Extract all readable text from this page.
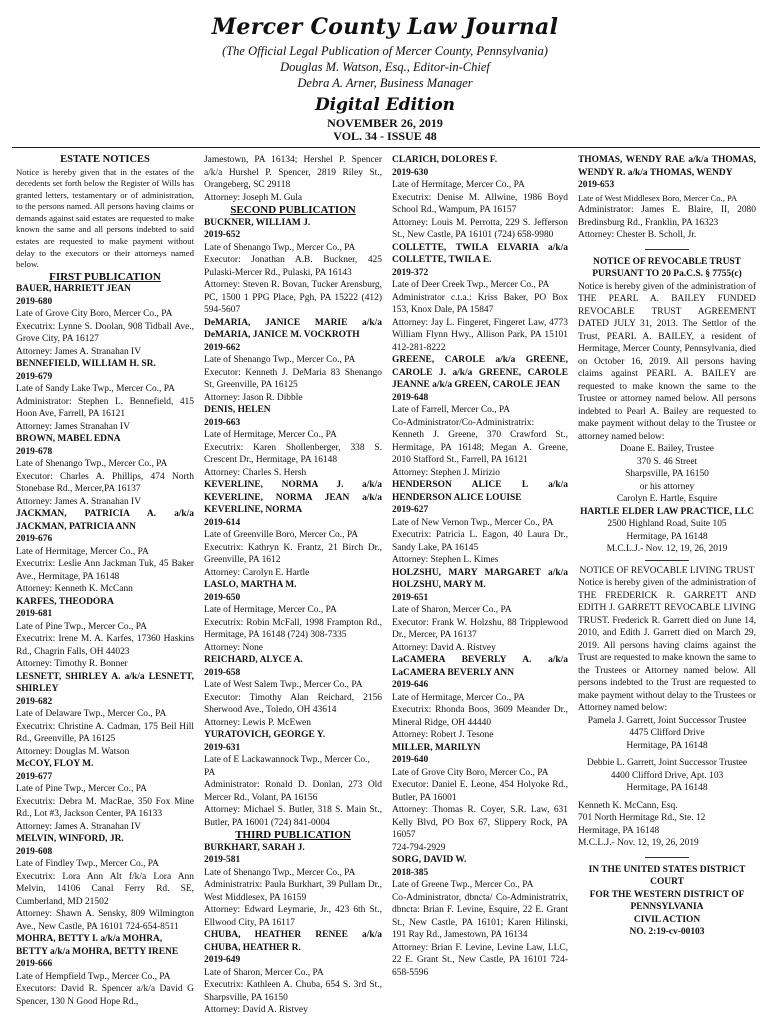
Mercer County Law Journal
(The Official Legal Publication of Mercer County, Pennsylvania)
Douglas M. Watson, Esq., Editor-in-Chief
Debra A. Arner, Business Manager
Digital Edition
NOVEMBER 26, 2019
VOL. 34 - ISSUE 48

ESTATE NOTICES

Notice is hereby given that in the estates of the decedents set forth below the Register of Wills has granted letters, testamentary or of administration, to the persons named. All persons having claims or demands against said estates are requested to make known the same and all persons indebted to said estates are requested to make payment without delay to the executors or their attorneys named below.

FIRST PUBLICATION

BAUER, HARRIETT JEAN

2019-680

Late of Grove City Boro, Mercer Co., PA

Executrix: Lynne S. Doolan, 908 Tidball Ave., Grove City, PA 16127

Attorney: James A. Stranahan IV

BENNEFIELD, WILLIAM H. SR.

2019-679

Late of Sandy Lake Twp., Mercer Co., PA

Administrator: Stephen L. Bennefield, 415 Hoon Ave, Farrell, PA 16121

Attorney: James Stranahan IV

BROWN, MABEL EDNA

2019-678

Late of Shenango Twp., Mercer Co., PA

Executor: Charles A. Phillips, 474 North Stonebase Rd., Mercer,PA 16137

Attorney: James A. Stranahan IV

JACKMAN, PATRICIA A. a/k/a JACKMAN, PATRICIA ANN

2019-676

Late of Hermitage, Mercer Co., PA

Executrix: Leslie Ann Jackman Tuk, 45 Baker Ave., Hermitage, PA 16148

Attorney: Kenneth K. McCann

KARFES, THEODORA

2019-681

Late of Pine Twp., Mercer Co., PA

Executrix: Irene M. A. Karfes, 17360 Haskins Rd., Chagrin Falls, OH 44023

Attorney: Timothy R. Bonner

LESNETT, SHIRLEY A. a/k/a LESNETT, SHIRLEY

2019-682

Late of Delaware Twp., Mercer Co., PA

Executrix: Christine A. Cadman, 175 Beil Hill Rd., Greenville, PA 16125

Attorney: Douglas M. Watson

McCOY, FLOY M.

2019-677

Late of Pine Twp., Mercer Co., PA

Executrix: Debra M. MacRae, 350 Fox Mine Rd., Lot #3, Jackson Center, PA 16133

Attorney: James A. Stranahan IV

MELVIN, WINFORD, JR.

2019-608

Late of Findley Twp., Mercer Co., PA

Executrix: Lora Ann Alt f/k/a Lora Ann Melvin, 14106 Canal Ferry Rd. SE, Cumberland, MD 21502

Attorney: Shawn A. Sensky, 809 Wilmington Ave., New Castle, PA 16101 724-654-8511

MOHRA, BETTY I. a/k/a MOHRA, BETTY a/k/a MOHRA, BETTY IRENE

2019-666

Late of Hempfield Twp., Mercer Co., PA

Executors: David R. Spencer a/k/a David G Spencer, 130 N Good Hope Rd.,

Jamestown, PA 16134; Hershel P. Spencer a/k/a Hurshel P. Spencer, 2819 Riley St., Orangeberg, SC 29118

Attorney: Joseph M. Gula

SECOND PUBLICATION

BUCKNER, WILLIAM J.

2019-652

Late of Shenango Twp., Mercer Co., PA

Executor: Jonathan A.B. Buckner, 425 Pulaski-Mercer Rd., Pulaski, PA 16143

Attorney: Steven R. Bovan, Tucker Arensburg, PC, 1500 1 PPG Place, Pgh, PA 15222 (412) 594-5607

DeMARIA, JANICE MARIE a/k/a DeMARIA, JANICE M. VOCKROTH

2019-662

Late of Shenango Twp., Mercer Co., PA

Executor: Kenneth J. DeMaria 83 Shenango St, Greenville, PA 16125

Attorney: Jason R. Dibble

DENIS, HELEN

2019-663

Late of Hermitage, Mercer Co., PA

Executrix: Karen Shollenberger, 338 S. Crescent Dr., Hermitage, PA 16148

Attorney: Charles S. Hersh

KEVERLINE, NORMA J. a/k/a KEVERLINE, NORMA JEAN a/k/a KEVERLINE, NORMA

2019-614

Late of Greenville Boro, Mercer Co., PA

Executrix: Kathryn K. Frantz, 21 Birch Dr., Greenville, PA 1612

Attorney: Carolyn E. Hartle

LASLO, MARTHA M.

2019-650

Late of Hermitage, Mercer Co., PA

Executrix: Robin McFall, 1998 Frampton Rd., Hermitage, PA 16148 (724) 308-7335

Attorney: None

REICHARD, ALYCE A.

2019-658

Late of West Salem Twp., Mercer Co., PA

Executor: Timothy Alan Reichard, 2156 Sherwood Ave., Toledo, OH 43614

Attorney: Lewis P. McEwen

YURATOVICH, GEORGE Y.

2019-631

Late of E Lackawannock Twp., Mercer Co., PA

Administrator: Ronald D. Donlan, 273 Old Mercer Rd., Volant, PA 16156

Attorney: Michael S. Butler, 318 S. Main St., Butler, PA 16001 (724) 841-0004

THIRD PUBLICATION

BURKHART, SARAH J.

2019-581

Late of Shenango Twp., Mercer Co., PA

Administratrix: Paula Burkhart, 39 Pullam Dr., West Middlesex, PA 16159

Attorney: Edward Leymarie, Jr., 423 6th St., Ellwood City, PA 16117

CHUBA, HEATHER RENEE a/k/a CHUBA, HEATHER R.

2019-649

Late of Sharon, Mercer Co., PA

Executrix: Kathleen A. Chuba, 654 S. 3rd St., Sharpsville, PA 16150

Attorney: David A. Ristvey

CLARICH, DOLORES F.

2019-630

Late of Hermitage, Mercer Co., PA

Executrix: Denise M. Allwine, 1986 Boyd School Rd., Wampum, PA 16157

Attorney: Louis M. Perrotta, 229 S. Jefferson St., New Castle, PA 16101 (724) 658-9980

COLLETTE, TWILA ELVARIA a/k/a COLLETTE, TWILA E.

2019-372

Late of Deer Creek Twp., Mercer Co., PA

Administrator c.t.a.: Kriss Baker, PO Box 153, Knox Dale, PA 15847

Attorney: Jay L. Fingeret, Fingeret Law, 4773 William Flynn Hwy., Allison Park, PA 15101 412-281-8222

GREENE, CAROLE a/k/a GREENE, CAROLE J. a/k/a GREENE, CAROLE JEANNE a/k/a GREEN, CAROLE JEAN

2019-648

Late of Farrell, Mercer Co., PA

Co-Administrator/Co-Administratrix: Kenneth J. Greene, 370 Crawford St., Hermitage, PA 16148; Megan A. Greene, 2010 Stafford St., Farrell, PA 16121

Attorney: Stephen J. Mirizio

HENDERSON ALICE L a/k/a HENDERSON ALICE LOUISE

2019-627

Late of New Vernon Twp., Mercer Co., PA

Executrix: Patricia L. Eagon, 40 Laura Dr., Sandy Lake, PA 16145

Attorney: Stephen L. Kimes

HOLZSHU, MARY MARGARET a/k/a HOLZSHU, MARY M.

2019-651

Late of Sharon, Mercer Co., PA

Executor: Frank W. Holzshu, 88 Tripplewood Dr., Mercer, PA 16137

Attorney: David A. Ristvey

LaCAMERA BEVERLY A. a/k/a LaCAMERA BEVERLY ANN

2019-646

Late of Hermitage, Mercer Co., PA

Executrix: Rhonda Boos, 3609 Meander Dr., Mineral Ridge, OH 44440

Attorney: Robert J. Tesone

MILLER, MARILYN

2019-640

Late of Grove City Boro, Mercer Co., PA

Executor: Daniel E. Leone, 454 Holyoke Rd., Butler, PA 16001

Attorney: Thomas R. Coyer, S.R. Law, 631 Kelly Blvd, PO Box 67, Slippery Rock, PA 16057

724-794-2929

SORG, DAVID W.

2018-385

Late of Greene Twp., Mercer Co., PA

Co-Administrator, dbncta/ Co-Administratrix, dbncta: Brian F. Levine, Esquire, 22 E. Grant St., New Castle, PA 16101; Karen Hilinski, 191 Ray Rd., Jamestown, PA 16134

Attorney: Brian F. Levine, Levine Law, LLC, 22 E. Grant St., New Castle, PA 16101 724-658-5596

THOMAS, WENDY RAE a/k/a THOMAS, WENDY R. a/k/a THOMAS, WENDY

2019-653

Late of West Middlesex Boro, Mercer Co., PA

Administrator: James E. Blaire, II, 2080 Bredinsburg Rd., Franklin, PA 16323

Attorney: Chester B. Scholl, Jr.

NOTICE OF REVOCABLE TRUST PURSUANT TO 20 Pa.C.S. § 7755(c)

Notice is hereby given of the administration of THE PEARL A. BAILEY FUNDED REVOCABLE TRUST AGREEMENT DATED JULY 31, 2013. The Settlor of the Trust, PEARL A. BAILEY, a resident of Hermitage, Mercer County, Pennsylvania, died on October 16, 2019. All persons having claims against PEARL A. BAILEY are requested to make known the same to the Trustee or attorney named below. All persons indebted to Pearl A. Bailey are requested to make payment without delay to the Trustee or attorney named below:

Doane E. Bailey, Trustee

370 S. 46 Street

Sharpsville, PA 16150

or his attorney

Carolyn E. Hartle, Esquire

HARTLE ELDER LAW PRACTICE, LLC

2500 Highland Road, Suite 105

Hermitage, PA 16148

M.C.L.J.- Nov. 12, 19, 26, 2019

NOTICE OF REVOCABLE LIVING TRUST

Notice is hereby given of the administration of THE FREDERICK R. GARRETT AND EDITH J. GARRETT REVOCABLE LIVING TRUST. Frederick R. Garrett died on June 14, 2010, and Edith J. Garrett died on March 29, 2019. All persons having claims against the Trust are requested to make known the same to the Trustees or Attorney named below. All persons indebted to the Trust are requested to make payment without delay to the Trustees or Attorney named below:

Pamela J. Garrett, Joint Successor Trustee

4475 Clifford Drive

Hermitage, PA 16148

Debbie L. Garrett, Joint Successor Trustee

4400 Clifford Drive, Apt. 103

Hermitage, PA 16148

Kenneth K. McCann, Esq.

701 North Hermitage Rd., Ste. 12

Hermitage, PA 16148

M.C.L.J.- Nov. 12, 19, 26, 2019

IN THE UNITED STATES DISTRICT COURT

FOR THE WESTERN DISTRICT OF PENNSYLVANIA

CIVIL ACTION

NO. 2:19-cv-00103
